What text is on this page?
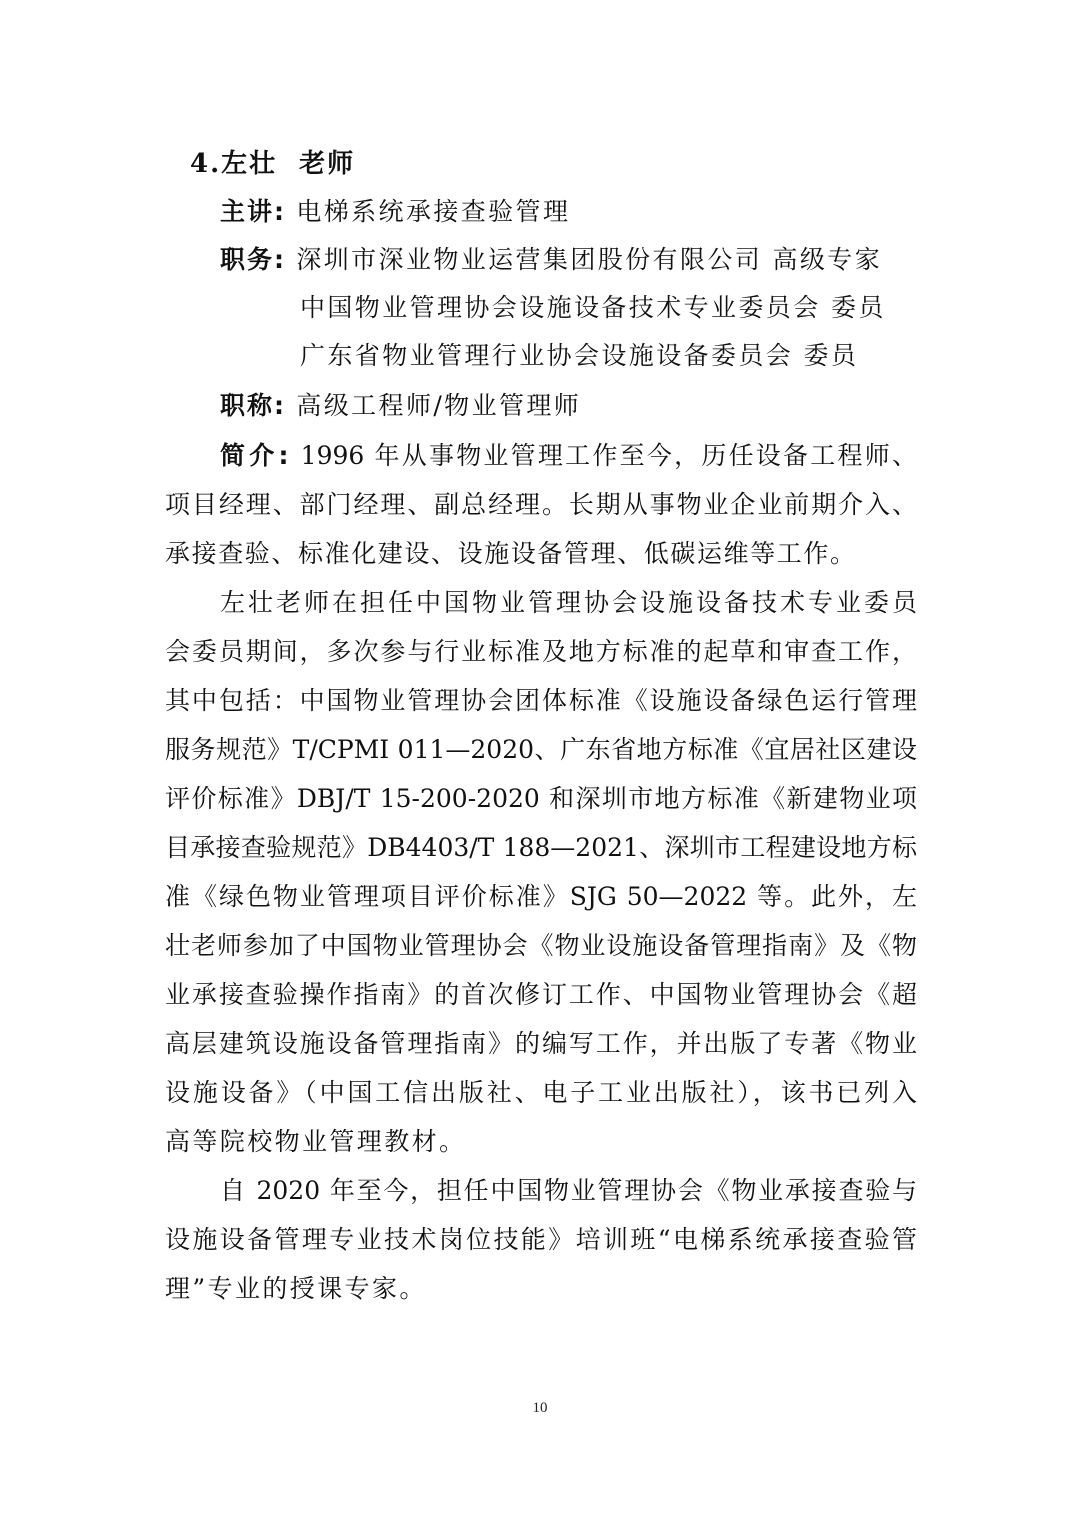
4.左壮 老师
主讲: 电梯系统承接查验管理
职务: 深圳市深业物业运营集团股份有限公司 高级专家
中国物业管理协会设施设备技术专业委员会 委员
广东省物业管理行业协会设施设备委员会 委员
职称: 高级工程师/物业管理师
简介: 1996 年从事物业管理工作至今，历任设备工程师、
项目经理、部门经理、副总经理。长期从事物业企业前期介入、
承接查验、标准化建设、设施设备管理、低碳运维等工作。
左壮老师在担任中国物业管理协会设施设备技术专业委员
会委员期间，多次参与行业标准及地方标准的起草和审查工作，
其中包括：中国物业管理协会团体标准《设施设备绿色运行管理
服务规范》T/CPMI 011—2020、广东省地方标准《宜居社区建设
评价标准》DBJ/T 15-200-2020 和深圳市地方标准《新建物业项
目承接查验规范》DB4403/T 188—2021、深圳市工程建设地方标
准《绿色物业管理项目评价标准》SJG 50—2022 等。此外，左
壮老师参加了中国物业管理协会《物业设施设备管理指南》及《物
业承接查验操作指南》的首次修订工作、中国物业管理协会《超
高层建筑设施设备管理指南》的编写工作，并出版了专著《物业
设施设备》（中国工信出版社、电子工业出版社），该书已列入
高等院校物业管理教材。
自 2020 年至今，担任中国物业管理协会《物业承接查验与
设施设备管理专业技术岗位技能》培训班“电梯系统承接查验管
理”专业的授课专家。
10
